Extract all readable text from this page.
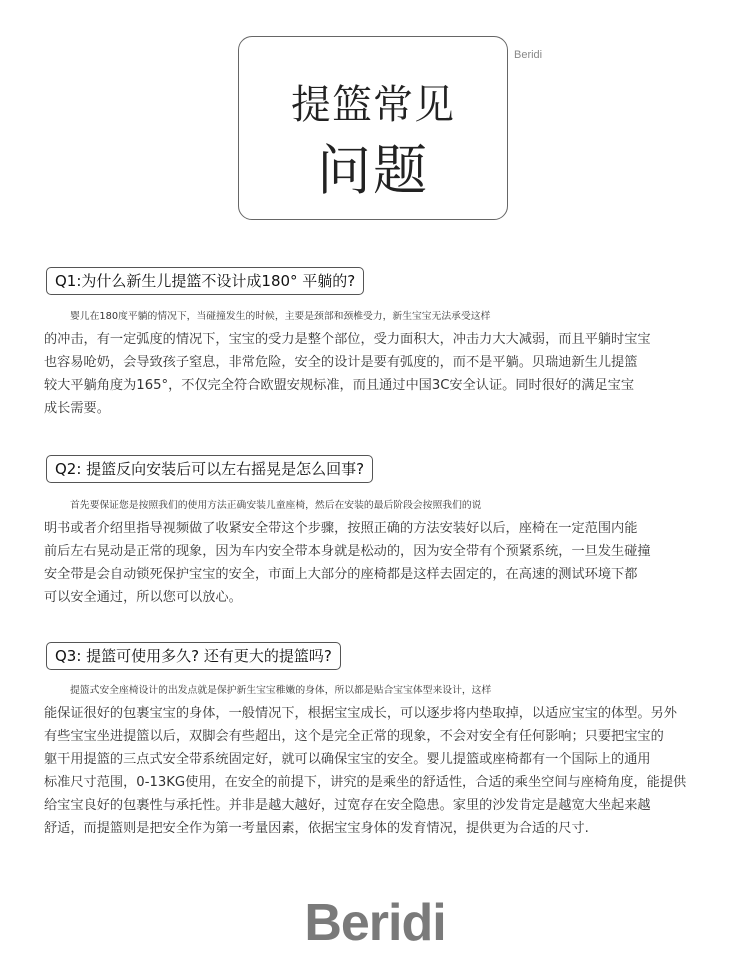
提篮常见
问题
Beridi
Q1:为什么新生儿提篮不设计成180° 平躺的?
婴儿在180度平躺的情况下，当碰撞发生的时候，主要是颈部和颈椎受力，新生宝宝无法承受这样
的冲击，有一定弧度的情况下，宝宝的受力是整个部位，受力面积大，冲击力大大减弱，而且平躺时宝宝
也容易呛奶，会导致孩子窒息，非常危险，安全的设计是要有弧度的，而不是平躺。贝瑞迪新生儿提篮
较大平躺角度为165°，不仅完全符合欧盟安规标准，而且通过中国3C安全认证。同时很好的满足宝宝
成长需要。
Q2: 提篮反向安装后可以左右摇晃是怎么回事?
首先要保证您是按照我们的使用方法正确安装儿童座椅，然后在安装的最后阶段会按照我们的说
明书或者介绍里指导视频做了收紧安全带这个步骤，按照正确的方法安装好以后，座椅在一定范围内能
前后左右晃动是正常的现象，因为车内安全带本身就是松动的，因为安全带有个预紧系统，一旦发生碰撞
安全带是会自动锁死保护宝宝的安全，市面上大部分的座椅都是这样去固定的，在高速的测试环境下都
可以安全通过，所以您可以放心。
Q3: 提篮可使用多久? 还有更大的提篮吗?
提篮式安全座椅设计的出发点就是保护新生宝宝稚嫩的身体，所以都是贴合宝宝体型来设计，这样
能保证很好的包裹宝宝的身体，一般情况下，根据宝宝成长，可以逐步将内垫取掉，以适应宝宝的体型。另外
有些宝宝坐进提篮以后，双脚会有些超出，这个是完全正常的现象，不会对安全有任何影响；只要把宝宝的
躯干用提篮的三点式安全带系统固定好，就可以确保宝宝的安全。婴儿提篮或座椅都有一个国际上的通用
标准尺寸范围，0-13KG使用，在安全的前提下，讲究的是乘坐的舒适性，合适的乘坐空间与座椅角度，能提供
给宝宝良好的包裹性与承托性。并非是越大越好，过宽存在安全隐患。家里的沙发肯定是越宽大坐起来越
舒适，而提篮则是把安全作为第一考量因素，依据宝宝身体的发育情况，提供更为合适的尺寸.
Beridi
